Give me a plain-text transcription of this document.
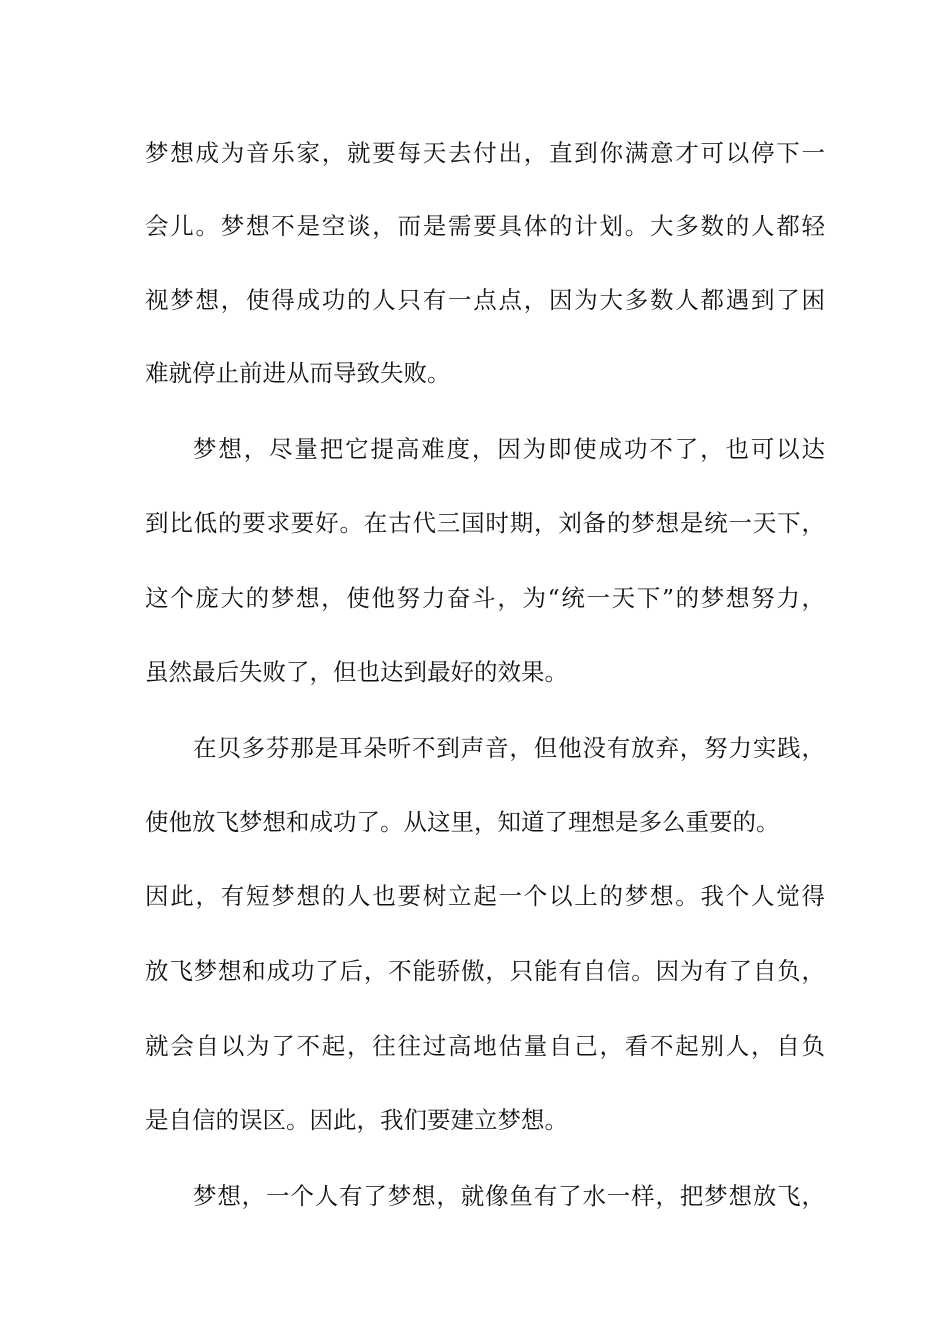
梦想成为音乐家，就要每天去付出，直到你满意才可以停下一
会儿。梦想不是空谈，而是需要具体的计划。大多数的人都轻
视梦想，使得成功的人只有一点点，因为大多数人都遇到了困
难就停止前进从而导致失败。
梦想，尽量把它提高难度，因为即使成功不了，也可以达
到比低的要求要好。在古代三国时期，刘备的梦想是统一天下，
这个庞大的梦想，使他努力奋斗，为“统一天下”的梦想努力，
虽然最后失败了，但也达到最好的效果。
在贝多芬那是耳朵听不到声音，但他没有放弃，努力实践，
使他放飞梦想和成功了。从这里，知道了理想是多么重要的。
因此，有短梦想的人也要树立起一个以上的梦想。我个人觉得
放飞梦想和成功了后，不能骄傲，只能有自信。因为有了自负，
就会自以为了不起，往往过高地估量自己，看不起别人，自负
是自信的误区。因此，我们要建立梦想。
梦想，一个人有了梦想，就像鱼有了水一样，把梦想放飞，
